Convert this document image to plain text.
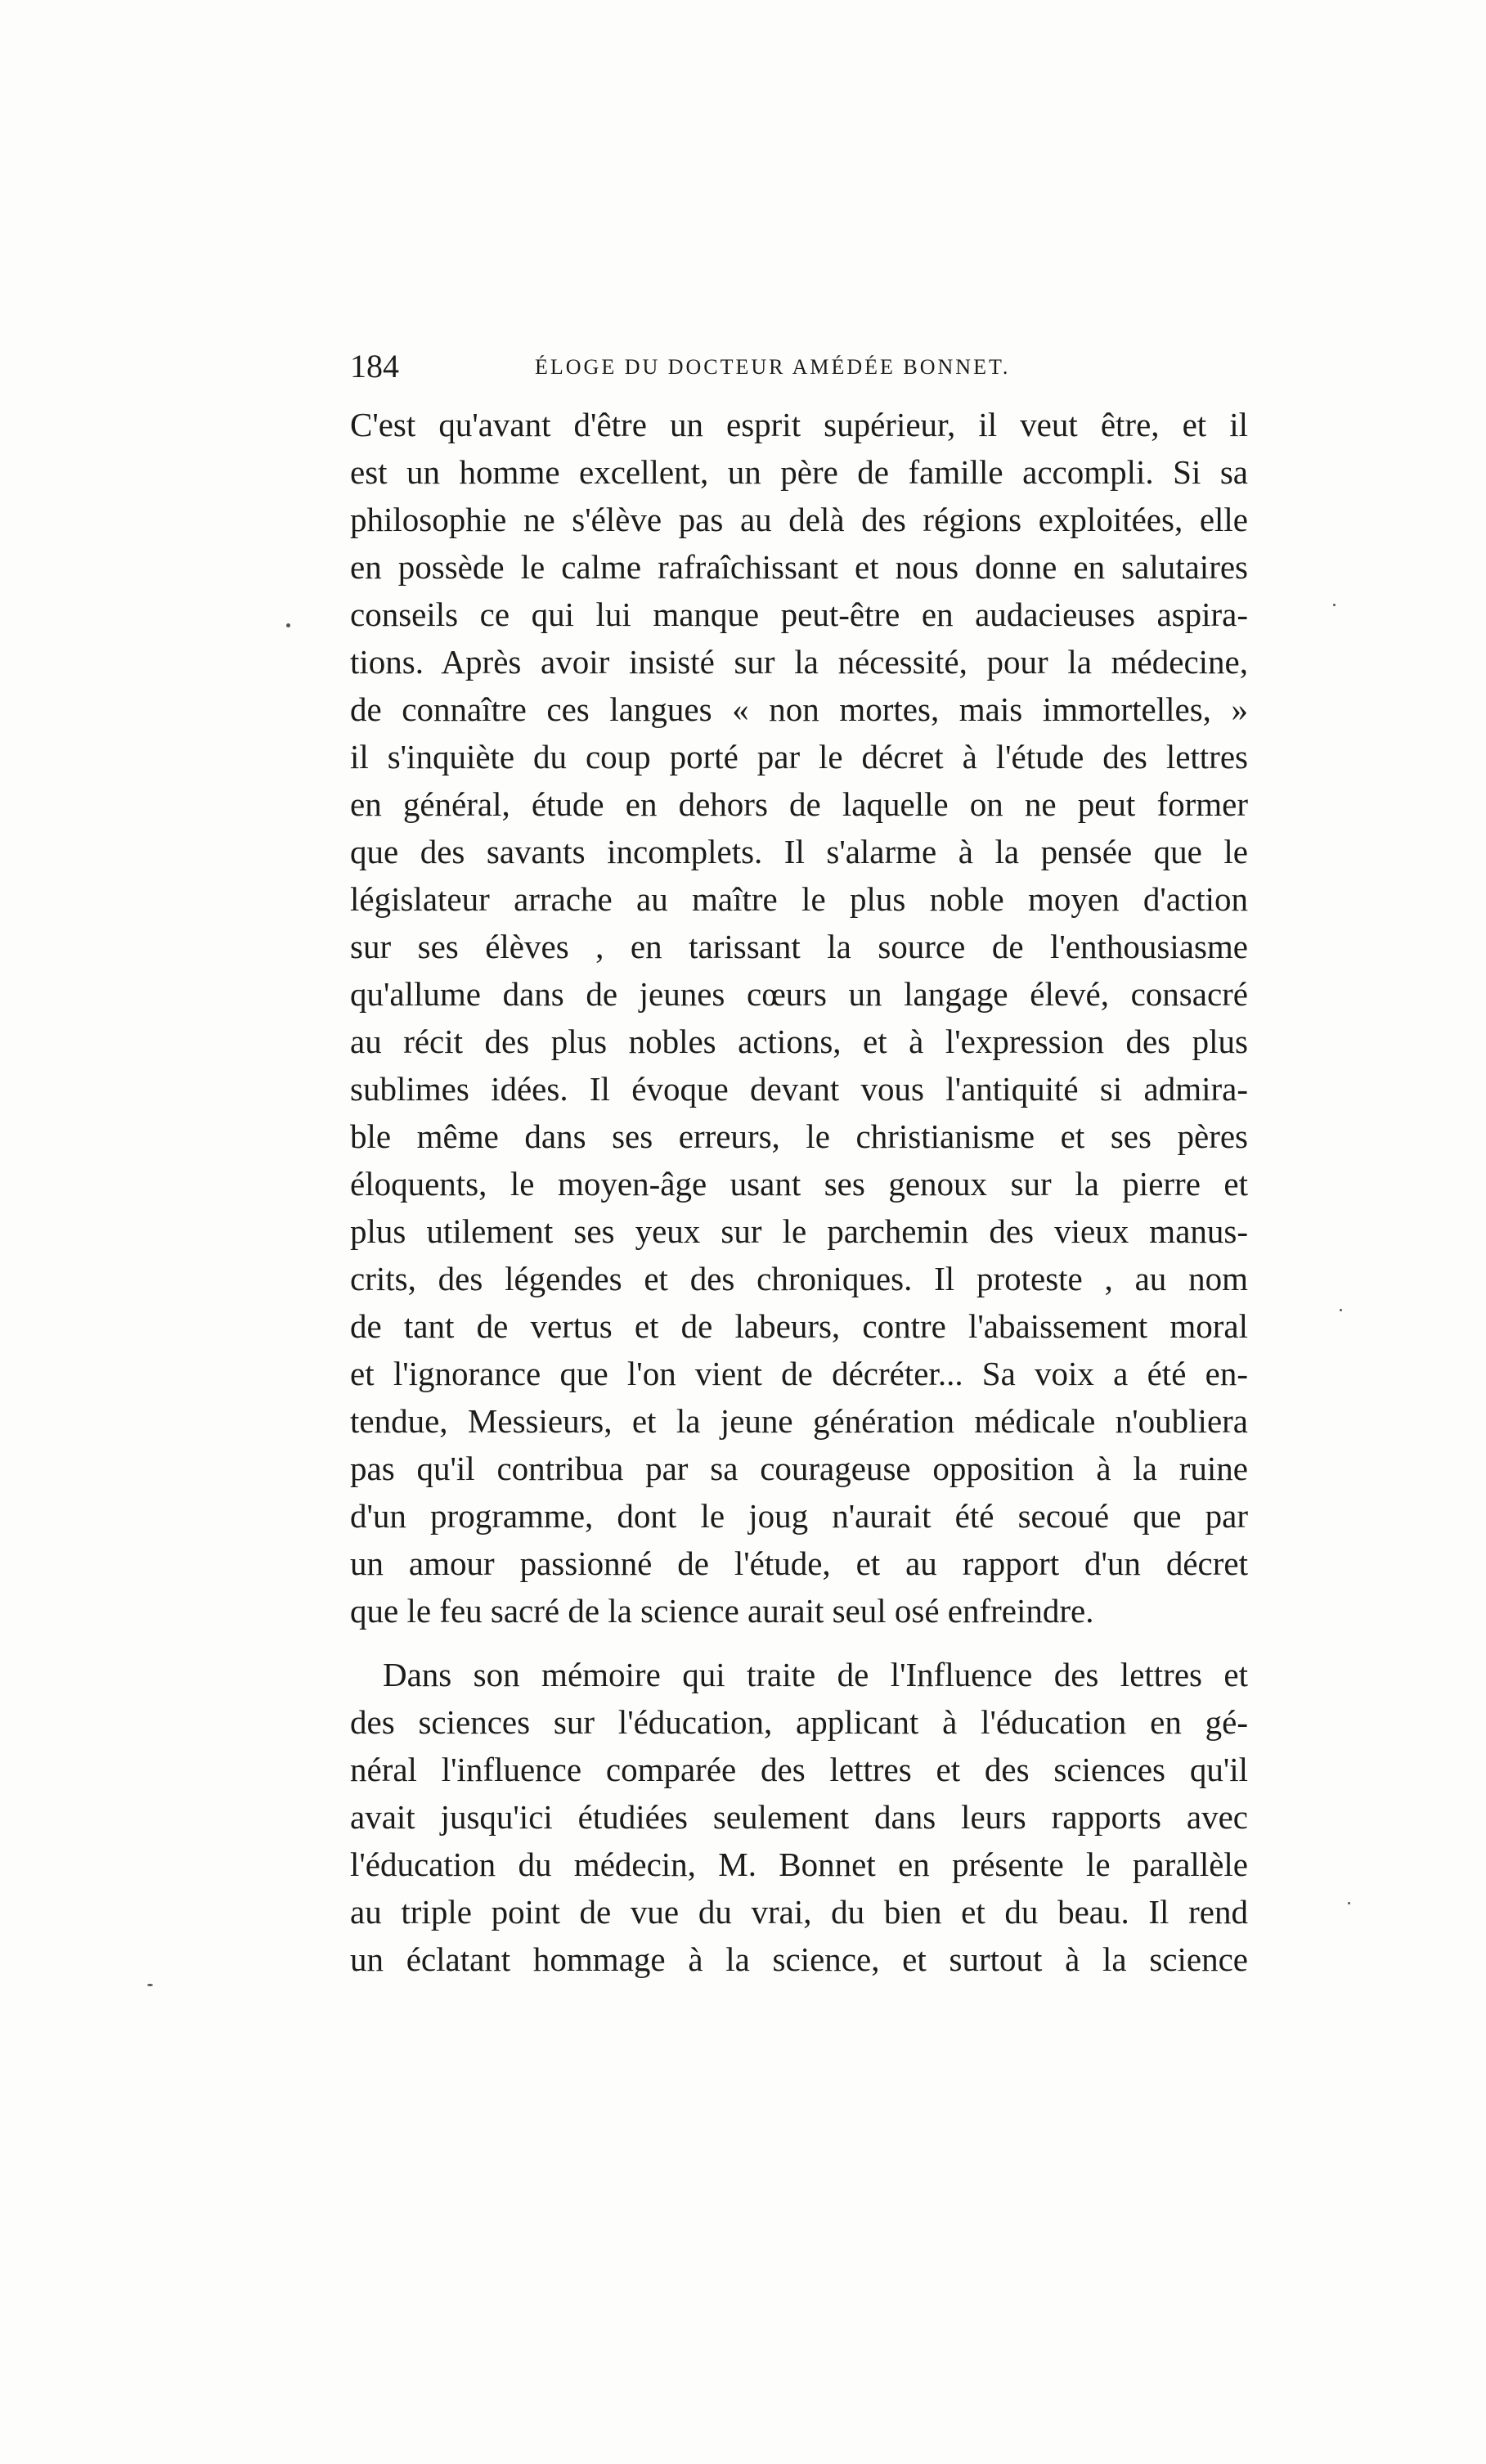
184	ÉLOGE DU DOCTEUR AMÉDÉE BONNET.
C'est qu'avant d'être un esprit supérieur, il veut être, et il
est un homme excellent, un père de famille accompli. Si sa
philosophie ne s'élève pas au delà des régions exploitées, elle
en possède le calme rafraîchissant et nous donne en salutaires
conseils ce qui lui manque peut-être en audacieuses aspira-
tions. Après avoir insisté sur la nécessité, pour la médecine,
de connaître ces langues « non mortes, mais immortelles, »
il s'inquiète du coup porté par le décret à l'étude des lettres
en général, étude en dehors de laquelle on ne peut former
que des savants incomplets. Il s'alarme à la pensée que le
législateur arrache au maître le plus noble moyen d'action
sur ses élèves , en tarissant la source de l'enthousiasme
qu'allume dans de jeunes cœurs un langage élevé, consacré
au récit des plus nobles actions, et à l'expression des plus
sublimes idées. Il évoque devant vous l'antiquité si admira-
ble même dans ses erreurs, le christianisme et ses pères
éloquents, le moyen-âge usant ses genoux sur la pierre et
plus utilement ses yeux sur le parchemin des vieux manus-
crits, des légendes et des chroniques. Il proteste , au nom
de tant de vertus et de labeurs, contre l'abaissement moral
et l'ignorance que l'on vient de décréter... Sa voix a été en-
tendue, Messieurs, et la jeune génération médicale n'oubliera
pas qu'il contribua par sa courageuse opposition à la ruine
d'un programme, dont le joug n'aurait été secoué que par
un amour passionné de l'étude, et au rapport d'un décret
que le feu sacré de la science aurait seul osé enfreindre.
Dans son mémoire qui traite de l'Influence des lettres et
des sciences sur l'éducation, applicant à l'éducation en gé-
néral l'influence comparée des lettres et des sciences qu'il
avait jusqu'ici étudiées seulement dans leurs rapports avec
l'éducation du médecin, M. Bonnet en présente le parallèle
au triple point de vue du vrai, du bien et du beau. Il rend
un éclatant hommage à la science, et surtout à la science
